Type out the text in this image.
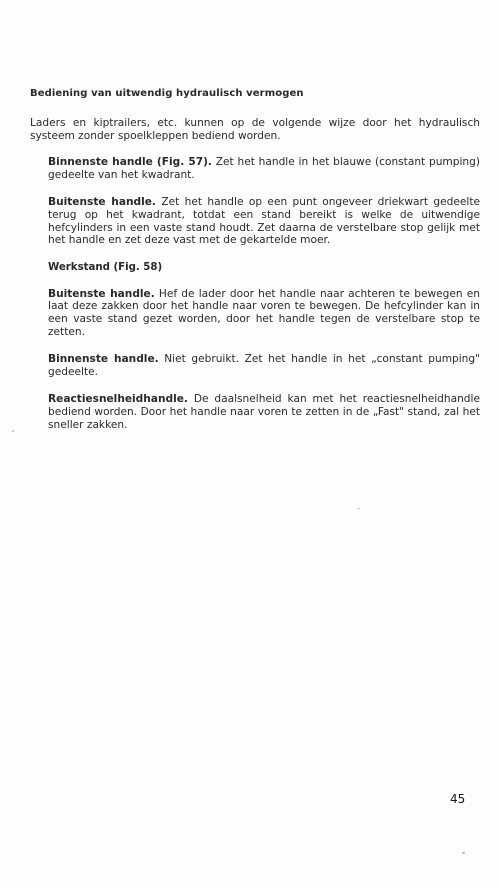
Bediening van uitwendig hydraulisch vermogen

Laders en kiptrailers, etc. kunnen op de volgende wijze door het hydraulisch systeem zonder spoelkleppen bediend worden.

Binnenste handle (Fig. 57). Zet het handle in het blauwe (constant pumping) gedeelte van het kwadrant.

Buitenste handle. Zet het handle op een punt ongeveer driekwart gedeelte terug op het kwadrant, totdat een stand bereikt is welke de uitwendige hefcylinders in een vaste stand houdt. Zet daarna de verstelbare stop gelijk met het handle en zet deze vast met de gekartelde moer.

Werkstand (Fig. 58)

Buitenste handle. Hef de lader door het handle naar achteren te bewegen en laat deze zakken door het handle naar voren te bewegen. De hefcylinder kan in een vaste stand gezet worden, door het handle tegen de verstelbare stop te zetten.

Binnenste handle. Niet gebruikt. Zet het handle in het „constant pumping" gedeelte.

Reactiesnelheidhandle. De daalsnelheid kan met het reactiesnelheidhandle bediend worden. Door het handle naar voren te zetten in de „Fast" stand, zal het sneller zakken.

45
